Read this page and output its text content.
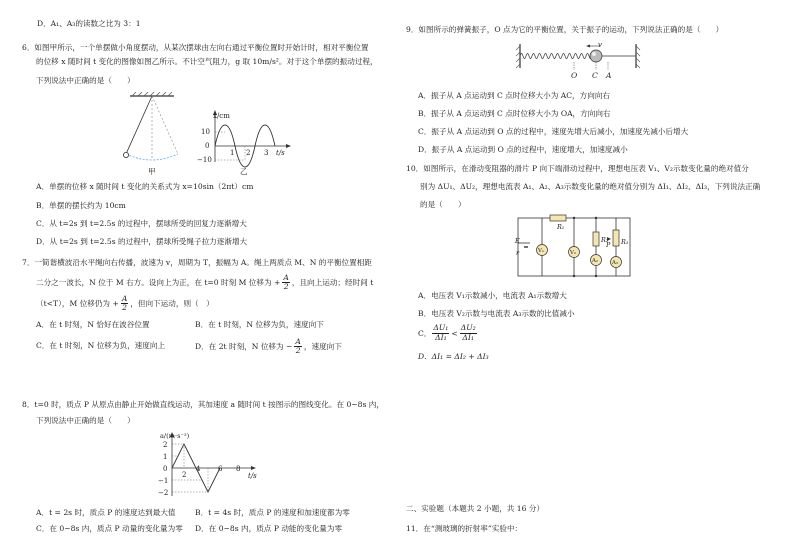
D．A₁、A₃的读数之比为 3：1
6．如图甲所示，一个单摆做小角度摆动，从某次摆球由左向右通过平衡位置时开始计时，相对平衡位置
的位移 x 随时间 t 变化的图像如图乙所示。不计空气阻力，g 取 10m/s²。对于这个单摆的振动过程，
下列说法中正确的是（　　）
甲
x/cm
t/s
10
0
−10
1 2 3
乙
A．单摆的位移 x 随时间 t 变化的关系式为 x=10sin（2πt）cm
B．单摆的摆长约为 10cm
C．从 t=2s 到 t=2.5s 的过程中，摆球所受的回复力逐渐增大
D．从 t=2s 到 t=2.5s 的过程中，摆球所受绳子拉力逐渐增大
7．一简谐横波沿水平绳向右传播，波速为 v，周期为 T，振幅为 A。绳上两质点 M、N 的平衡位置相距
二分之一波长，N 位于 M 右方。设向上为正，在 t=0 时刻 M 位移为 + $\frac{A}{2}$ ，且向上运动；经时间 t
（t<T），M 位移仍为 + $\frac{A}{2}$ ，但向下运动，则（　）
A．在 t 时刻，N 恰好在波谷位置	B．在 t 时刻，N 位移为负，速度向下
C．在 t 时刻，N 位移为负，速度向上	D．在 2t 时刻，N 位移为 − $\frac{A}{2}$ ，速度向下
8．t=0 时，质点 P 从原点由静止开始做直线运动，其加速度 a 随时间 t 按图示的图线变化。在 0~8s 内，
下列说法中正确的是（　　）
a/(m·s⁻²)
t/s
2
1
0
−1
−2
2
4	6 8
A．t = 2s 时，质点 P 的速度达到最大值	B．t = 4s 时，质点 P 的速度和加速度都为零
C．在 0~8s 内，质点 P 动量的变化量为零 D．在 0~8s 内，质点 P 动能的变化量为零
9．如图所示的弹簧振子，O 点为它的平衡位置，关于振子的运动，下列说法正确的是（　　）
v
O C A
A．振子从 A 点运动到 C 点时位移大小为 AC，方向向右
B．振子从 A 点运动到 C 点时位移大小为 OA，方向向右
C．振子从 A 点运动到 O 点的过程中，速度先增大后减小，加速度先减小后增大
D．振子从 A 点运动到 O 点的过程中，速度增大，加速度减小
10．如图所示，在滑动变阻器的滑片 P 向下端滑动过程中，理想电压表 V₁、V₂示数变化量的绝对值分
别为 ΔU₁、ΔU₂，理想电流表 A₁、A₂、A₃示数变化量的绝对值分别为 ΔI₁、ΔI₂、ΔI₃，下列说法正确
的是（　　）
R₁
R₂ R₃
E
r
P
V₁	V₂
A₂	A₃
A．电压表 V₁示数减小，电流表 A₁示数增大
B．电压表 V₂示数与电流表 A₃示数的比值减小
C． $\frac{\text{ΔU₁}}{\text{ΔI₁}} < \frac{\text{ΔU₂}}{\text{ΔI₁}}$
D．ΔI₁ = ΔI₂ + ΔI₃
二、实验题（本题共 2 小题，共 16 分）
11．在“测玻璃的折射率”实验中：
